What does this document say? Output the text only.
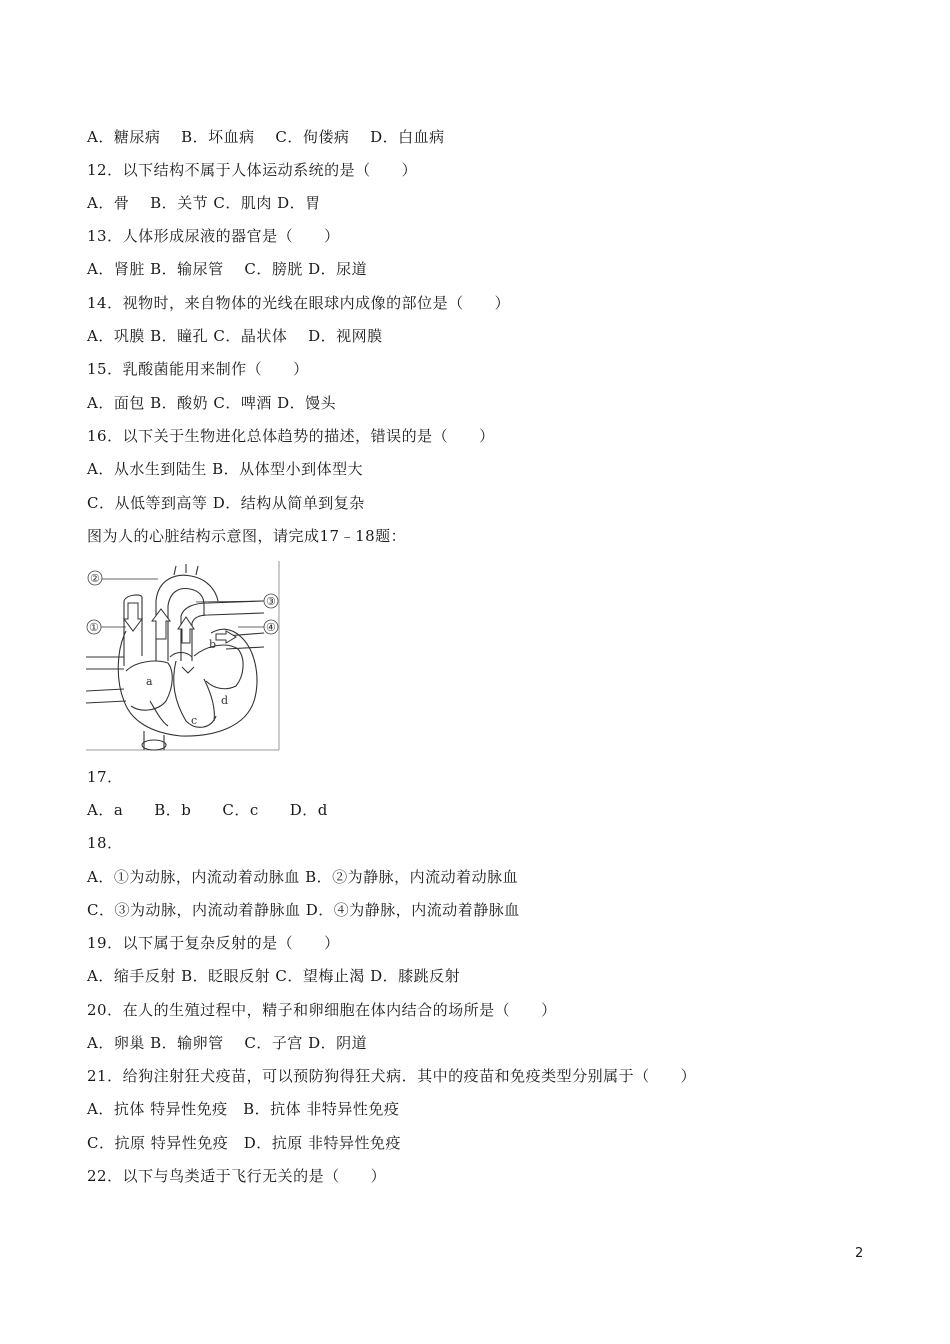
A．糖尿病　 B．坏血病　 C．佝偻病　 D．白血病
12．以下结构不属于人体运动系统的是（　　）
A．骨　 B．关节 C．肌肉 D．胃
13．人体形成尿液的器官是（　　）
A．肾脏 B．输尿管　 C．膀胱 D．尿道
14．视物时，来自物体的光线在眼球内成像的部位是（　　）
A．巩膜 B．瞳孔 C．晶状体　 D．视网膜
15．乳酸菌能用来制作（　　）
A．面包 B．酸奶 C．啤酒 D．馒头
16．以下关于生物进化总体趋势的描述，错误的是（　　）
A．从水生到陆生 B．从体型小到体型大
C．从低等到高等 D．结构从简单到复杂
图为人的心脏结构示意图，请完成17﹣18题：
②
①
③
④
a
b
c
d
17．
A．a　　B．b　　C．c　　D．d
18．
A．①为动脉，内流动着动脉血 B．②为静脉，内流动着动脉血
C．③为动脉，内流动着静脉血 D．④为静脉，内流动着静脉血
19．以下属于复杂反射的是（　　）
A．缩手反射 B．眨眼反射 C．望梅止渴 D．膝跳反射
20．在人的生殖过程中，精子和卵细胞在体内结合的场所是（　　）
A．卵巢 B．输卵管　 C．子宫 D．阴道
21．给狗注射狂犬疫苗，可以预防狗得狂犬病．其中的疫苗和免疫类型分别属于（　　）
A．抗体 特异性免疫　B．抗体 非特异性免疫
C．抗原 特异性免疫　D．抗原 非特异性免疫
22．以下与鸟类适于飞行无关的是（　　）
2
